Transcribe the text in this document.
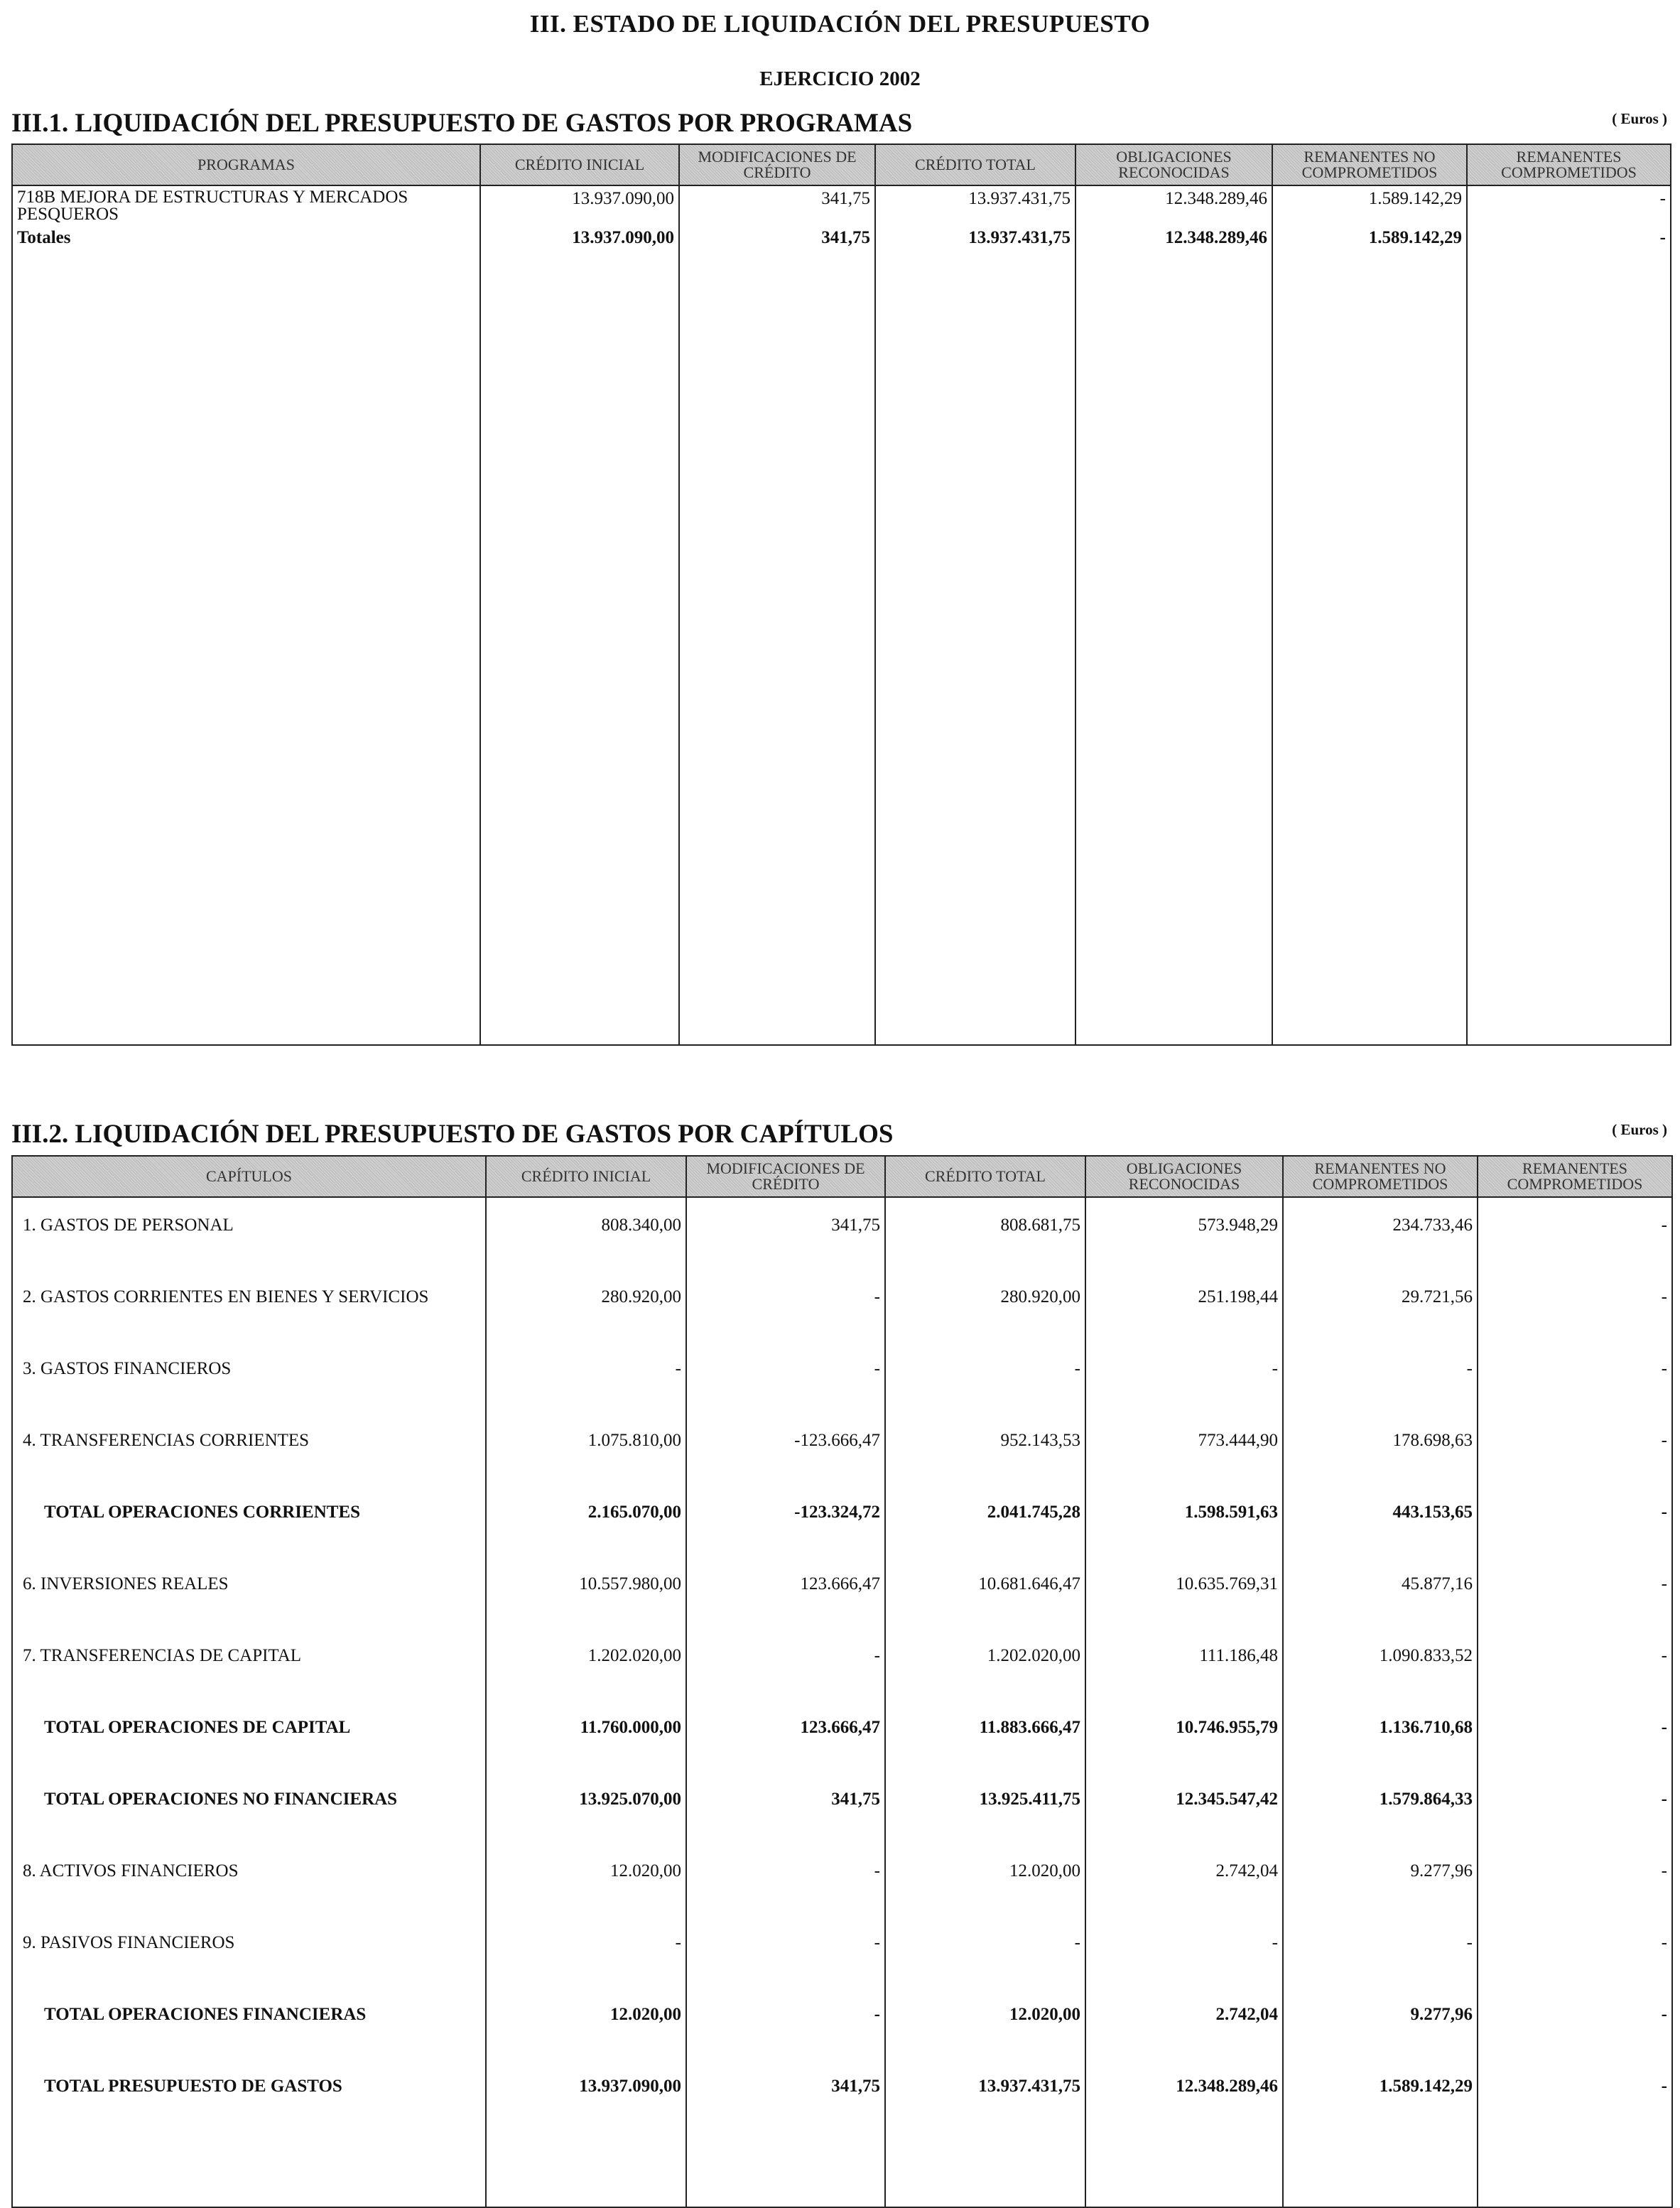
III. ESTADO DE LIQUIDACIÓN DEL PRESUPUESTO
EJERCICIO 2002
III.1. LIQUIDACIÓN DEL PRESUPUESTO DE GASTOS POR PROGRAMAS	( Euros )
PROGRAMAS	CRÉDITO INICIAL	MODIFICACIONES DE CRÉDITO	CRÉDITO TOTAL	OBLIGACIONES RECONOCIDAS	REMANENTES NO COMPROMETIDOS	REMANENTES COMPROMETIDOS
718B MEJORA DE ESTRUCTURAS Y MERCADOS PESQUEROS	13.937.090,00	341,75	13.937.431,75	12.348.289,46	1.589.142,29	-
Totales	13.937.090,00	341,75	13.937.431,75	12.348.289,46	1.589.142,29	-

III.2. LIQUIDACIÓN DEL PRESUPUESTO DE GASTOS POR CAPÍTULOS	( Euros )
CAPÍTULOS	CRÉDITO INICIAL	MODIFICACIONES DE CRÉDITO	CRÉDITO TOTAL	OBLIGACIONES RECONOCIDAS	REMANENTES NO COMPROMETIDOS	REMANENTES COMPROMETIDOS
1. GASTOS DE PERSONAL	808.340,00	341,75	808.681,75	573.948,29	234.733,46	-
2. GASTOS CORRIENTES EN BIENES Y SERVICIOS	280.920,00	-	280.920,00	251.198,44	29.721,56	-
3. GASTOS FINANCIEROS	-	-	-	-	-	-
4. TRANSFERENCIAS CORRIENTES	1.075.810,00	-123.666,47	952.143,53	773.444,90	178.698,63	-
TOTAL OPERACIONES CORRIENTES	2.165.070,00	-123.324,72	2.041.745,28	1.598.591,63	443.153,65	-
6. INVERSIONES REALES	10.557.980,00	123.666,47	10.681.646,47	10.635.769,31	45.877,16	-
7. TRANSFERENCIAS DE CAPITAL	1.202.020,00	-	1.202.020,00	111.186,48	1.090.833,52	-
TOTAL OPERACIONES DE CAPITAL	11.760.000,00	123.666,47	11.883.666,47	10.746.955,79	1.136.710,68	-
TOTAL OPERACIONES NO FINANCIERAS	13.925.070,00	341,75	13.925.411,75	12.345.547,42	1.579.864,33	-
8. ACTIVOS FINANCIEROS	12.020,00	-	12.020,00	2.742,04	9.277,96	-
9. PASIVOS FINANCIEROS	-	-	-	-	-	-
TOTAL OPERACIONES FINANCIERAS	12.020,00	-	12.020,00	2.742,04	9.277,96	-
TOTAL PRESUPUESTO DE GASTOS	13.937.090,00	341,75	13.937.431,75	12.348.289,46	1.589.142,29	-
